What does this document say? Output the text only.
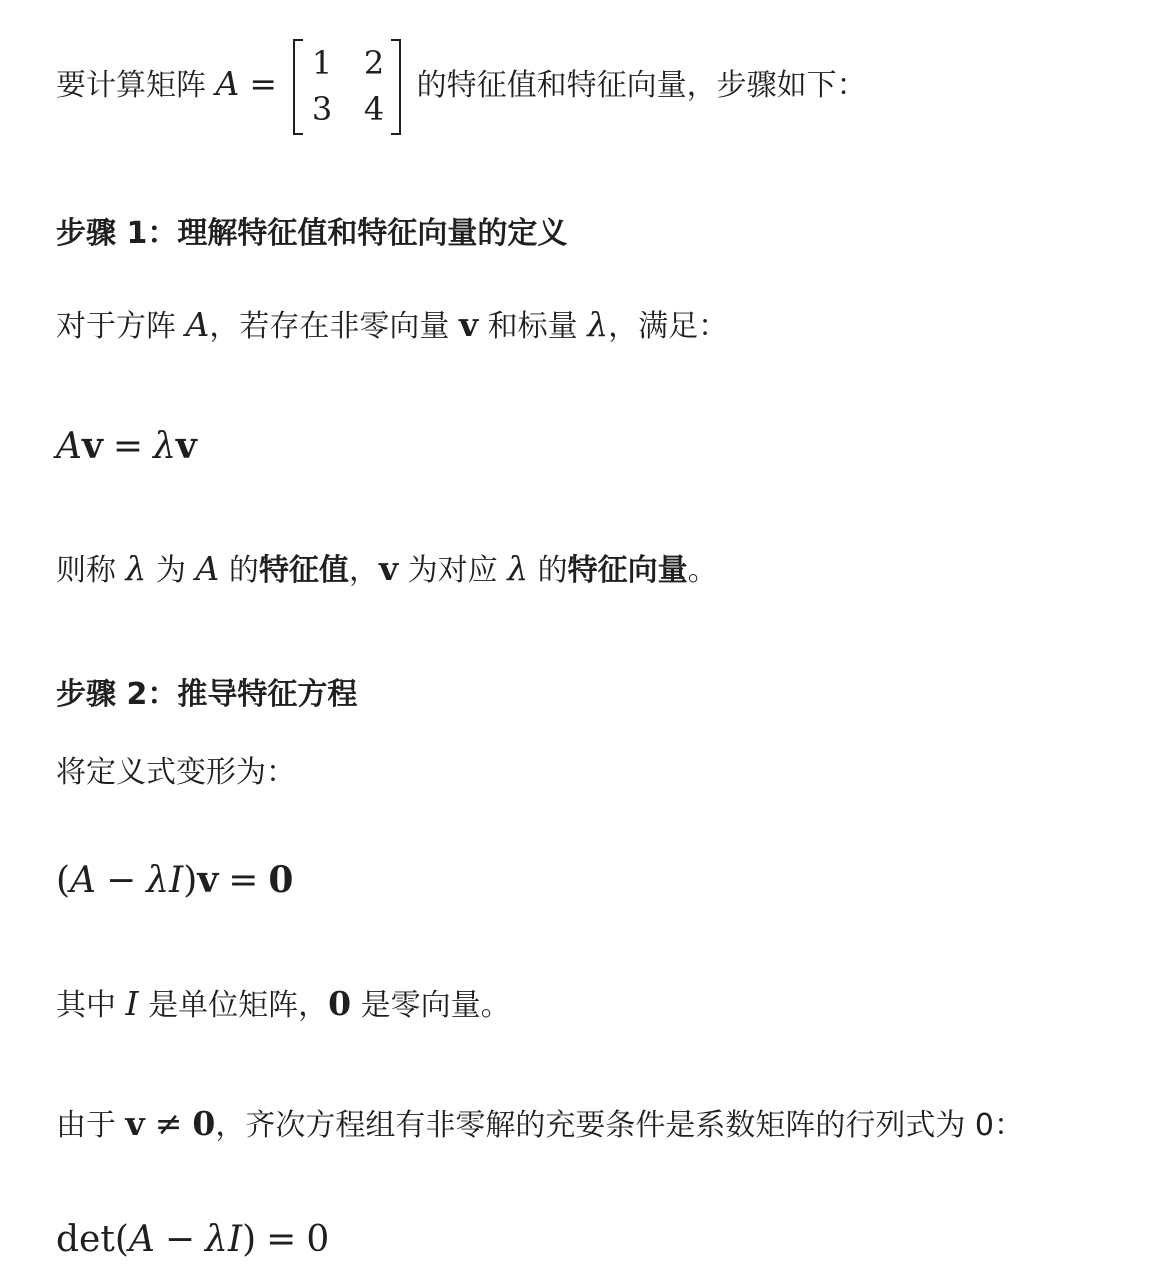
要计算矩阵 A =
1 2
3 4
的特征值和特征向量，步骤如下：
步骤 1：理解特征值和特征向量的定义
对于方阵 A，若存在非零向量 v 和标量 λ，满足：
Av = λv
则称 λ 为 A 的特征值，v 为对应 λ 的特征向量。
步骤 2：推导特征方程
将定义式变形为：
(A − λI)v = 0
其中 I 是单位矩阵，0 是零向量。
由于 v ≠ 0，齐次方程组有非零解的充要条件是系数矩阵的行列式为 0：
det(A − λI) = 0
